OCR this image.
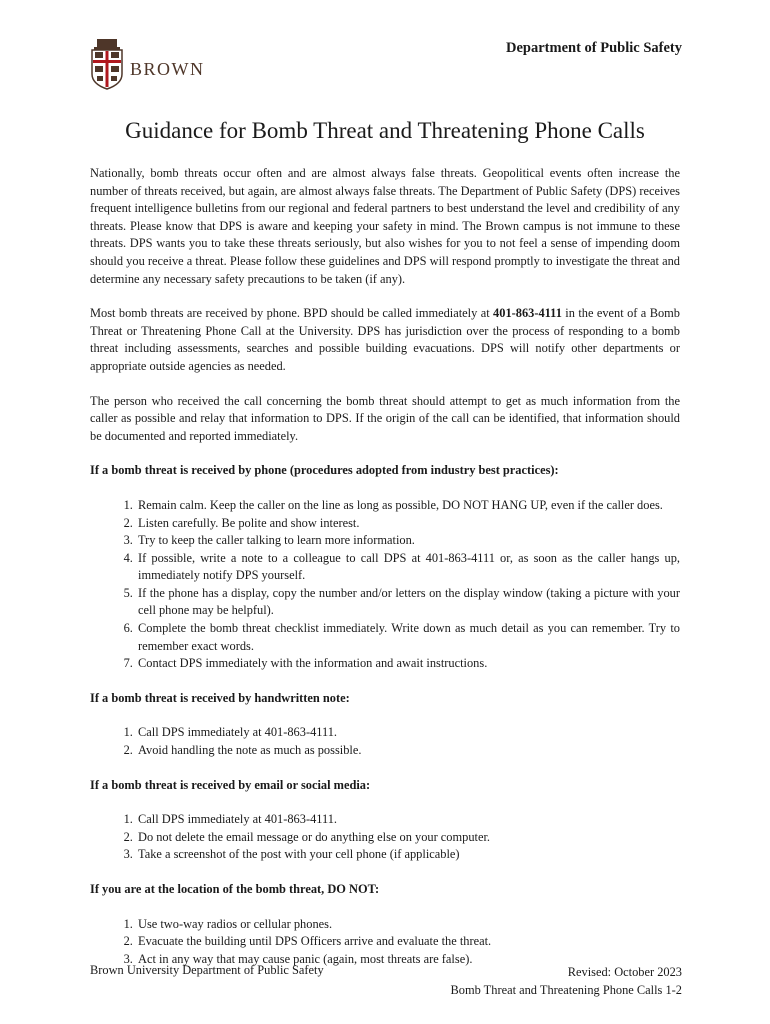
BROWN
Department of Public Safety
Guidance for Bomb Threat and Threatening Phone Calls

Nationally, bomb threats occur often and are almost always false threats. Geopolitical events often increase the number of threats received, but again, are almost always false threats. The Department of Public Safety (DPS) receives frequent intelligence bulletins from our regional and federal partners to best understand the level and credibility of any threats. Please know that DPS is aware and keeping your safety in mind. The Brown campus is not immune to these threats. DPS wants you to take these threats seriously, but also wishes for you to not feel a sense of impending doom should you receive a threat. Please follow these guidelines and DPS will respond promptly to investigate the threat and determine any necessary safety precautions to be taken (if any).

Most bomb threats are received by phone. BPD should be called immediately at 401-863-4111 in the event of a Bomb Threat or Threatening Phone Call at the University. DPS has jurisdiction over the process of responding to a bomb threat including assessments, searches and possible building evacuations. DPS will notify other departments or appropriate outside agencies as needed.

The person who received the call concerning the bomb threat should attempt to get as much information from the caller as possible and relay that information to DPS. If the origin of the call can be identified, that information should be documented and reported immediately.

If a bomb threat is received by phone (procedures adopted from industry best practices):

1. Remain calm. Keep the caller on the line as long as possible, DO NOT HANG UP, even if the caller does.
2. Listen carefully. Be polite and show interest.
3. Try to keep the caller talking to learn more information.
4. If possible, write a note to a colleague to call DPS at 401-863-4111 or, as soon as the caller hangs up, immediately notify DPS yourself.
5. If the phone has a display, copy the number and/or letters on the display window (taking a picture with your cell phone may be helpful).
6. Complete the bomb threat checklist immediately. Write down as much detail as you can remember. Try to remember exact words.
7. Contact DPS immediately with the information and await instructions.

If a bomb threat is received by handwritten note:

1. Call DPS immediately at 401-863-4111.
2. Avoid handling the note as much as possible.

If a bomb threat is received by email or social media:

1. Call DPS immediately at 401-863-4111.
2. Do not delete the email message or do anything else on your computer.
3. Take a screenshot of the post with your cell phone (if applicable)

If you are at the location of the bomb threat, DO NOT:

1. Use two-way radios or cellular phones.
2. Evacuate the building until DPS Officers arrive and evaluate the threat.
3. Act in any way that may cause panic (again, most threats are false).
Brown University Department of Public Safety	Revised: October 2023
Bomb Threat and Threatening Phone Calls 1-2
